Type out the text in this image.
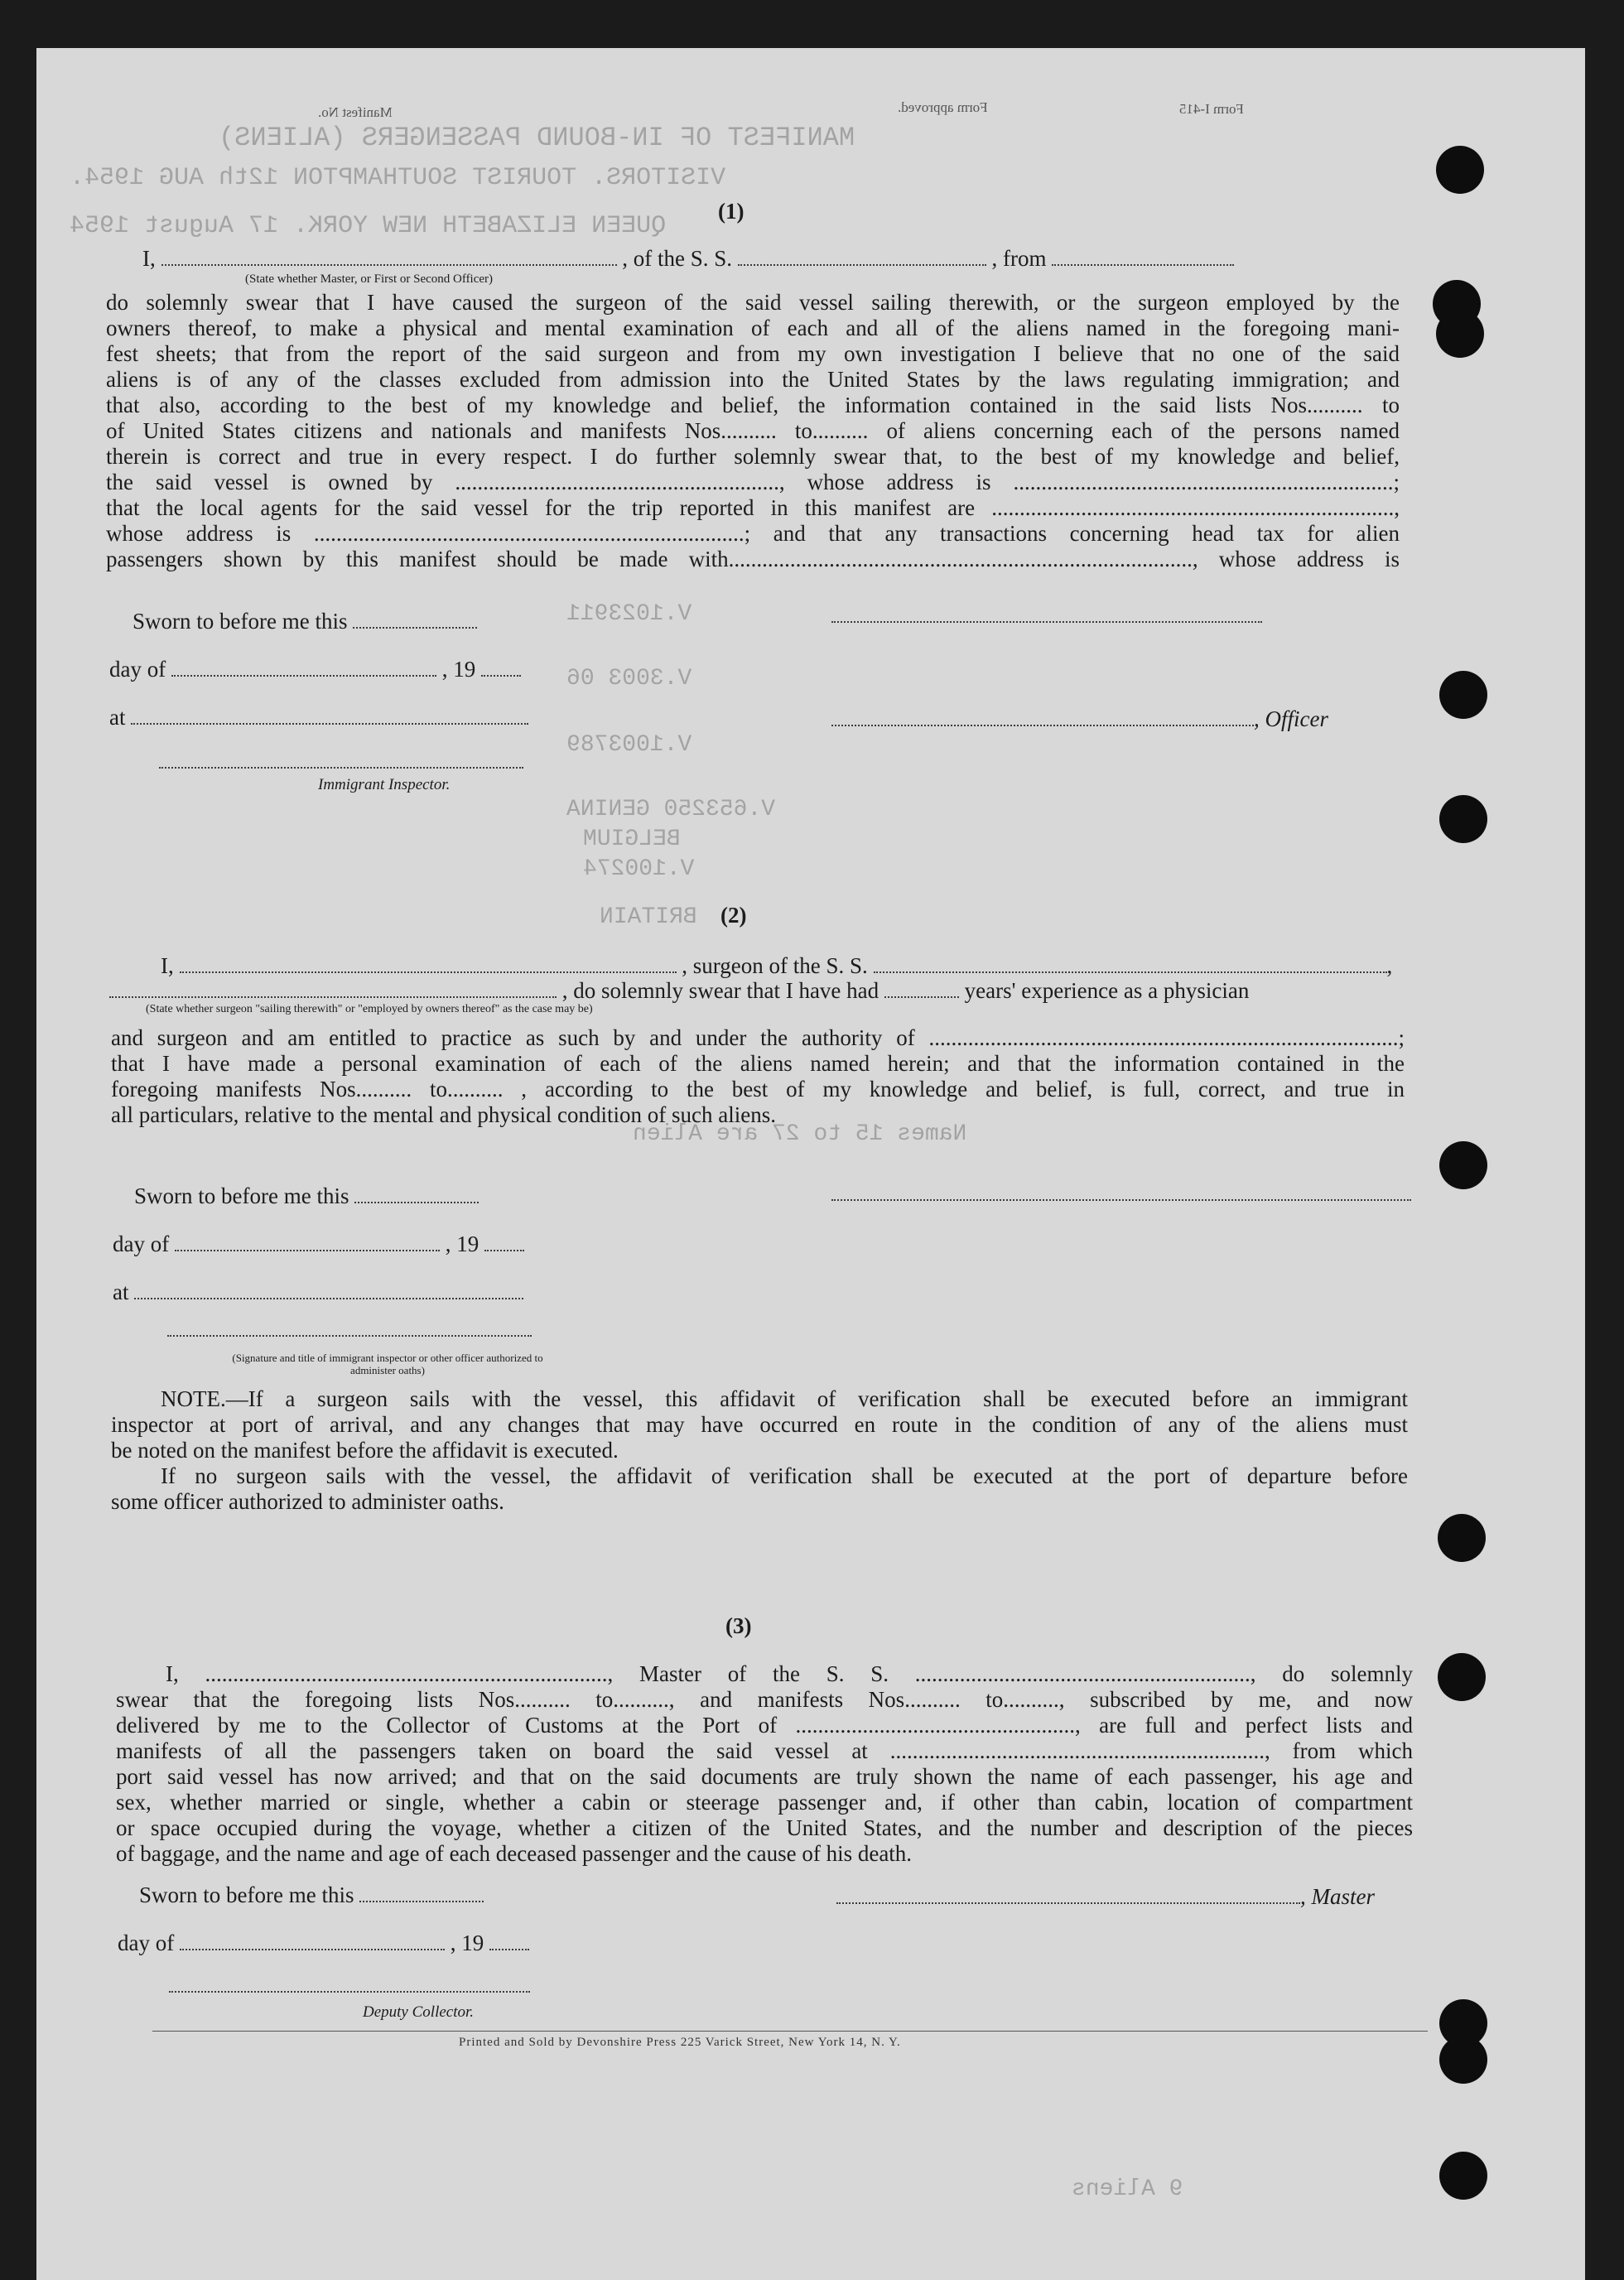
MANIFEST OF IN-BOUND PASSENGERS (ALIENS)
VISITORS. TOURIST SOUTHAMPTON 12th AUG 1954.
QUEEN ELIZABETH NEW YORK. 17 August 1954
V.1023911
V.3003 06
V.1003789
V.653250 GENINA
BELGIUM
V.100274
BRITAIN
Names 15 to 27 are Alien
9 Aliens
Form I-415
Form approved.
Manifest No.
(1)
I,	, of the S. S.	, from
(State whether Master, or First or Second Officer)
do solemnly swear that I have caused the surgeon of the said vessel sailing therewith, or the surgeon employed by the
owners thereof, to make a physical and mental examination of each and all of the aliens named in the foregoing mani-
fest sheets; that from the report of the said surgeon and from my own investigation I believe that no one of the said
aliens is of any of the classes excluded from admission into the United States by the laws regulating immigration; and
that also, according to the best of my knowledge and belief, the information contained in the said lists Nos.......... to
of United States citizens and nationals and manifests Nos.......... to.......... of aliens concerning each of the persons named
therein is correct and true in every respect. I do further solemnly swear that, to the best of my knowledge and belief,
the said vessel is owned by .........................................................., whose address is ....................................................................;
that the local agents for the said vessel for the trip reported in this manifest are ........................................................................,
whose address is .............................................................................; and that any transactions concerning head tax for alien
passengers shown by this manifest should be made with..................................................................................., whose address is
Sworn to before me this
day of	, 19
at	, Officer
Immigrant Inspector.
(2)
I,	, surgeon of the S. S.	,
, do solemnly swear that I have had	years' experience as a physician
(State whether surgeon "sailing therewith" or "employed by owners thereof" as the case may be)
and surgeon and am entitled to practice as such by and under the authority of ....................................................................................;
that I have made a personal examination of each of the aliens named herein; and that the information contained in the
foregoing manifests Nos.......... to.......... , according to the best of my knowledge and belief, is full, correct, and true in
all particulars, relative to the mental and physical condition of such aliens.
Sworn to before me this
day of	, 19
at
(Signature and title of immigrant inspector or other officer authorized to administer oaths)
NOTE.—If a surgeon sails with the vessel, this affidavit of verification shall be executed before an immigrant
inspector at port of arrival, and any changes that may have occurred en route in the condition of any of the aliens must
be noted on the manifest before the affidavit is executed.
If no surgeon sails with the vessel, the affidavit of verification shall be executed at the port of departure before
some officer authorized to administer oaths.
(3)
I, ........................................................................, Master of the S. S. ............................................................, do solemnly
swear that the foregoing lists Nos.......... to.........., and manifests Nos.......... to.........., subscribed by me, and now
delivered by me to the Collector of Customs at the Port of .................................................., are full and perfect lists and
manifests of all the passengers taken on board the said vessel at ..................................................................., from which
port said vessel has now arrived; and that on the said documents are truly shown the name of each passenger, his age and
sex, whether married or single, whether a cabin or steerage passenger and, if other than cabin, location of compartment
or space occupied during the voyage, whether a citizen of the United States, and the number and description of the pieces
of baggage, and the name and age of each deceased passenger and the cause of his death.
Sworn to before me this	, Master
day of	, 19
Deputy Collector.
Printed and Sold by Devonshire Press 225 Varick Street, New York 14, N. Y.
